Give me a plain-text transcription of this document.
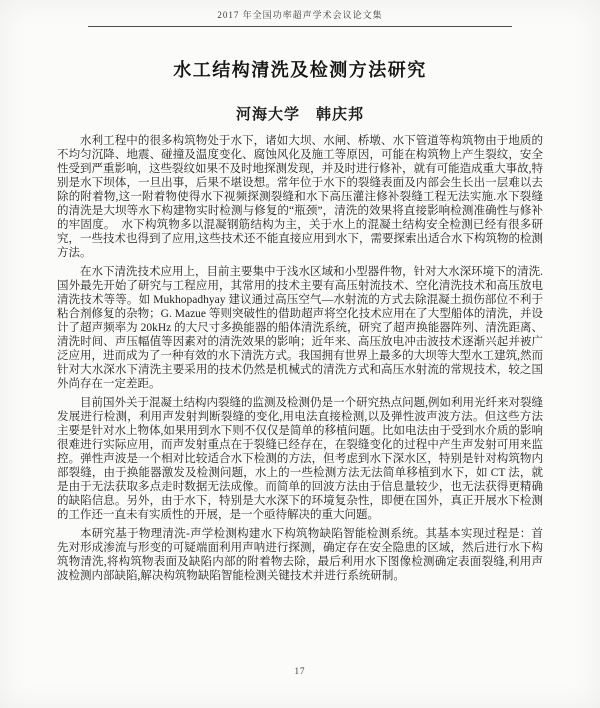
2017 年全国功率超声学术会议论文集
水工结构清洗及检测方法研究
河海大学　韩庆邦

水利工程中的很多构筑物处于水下，诸如大坝、水闸、桥墩、水下管道等构筑物由于地质的不均匀沉降、地震、碰撞及温度变化、腐蚀风化及施工等原因，可能在构筑物上产生裂纹，安全性受到严重影响，这些裂纹如果不及时地探测发现，并及时进行修补，就有可能造成重大事故,特别是水下坝体，一旦出事，后果不堪设想。常年位于水下的裂缝表面及内部会生长出一层难以去除的附着物,这一附着物使得水下视频探测裂缝和水下高压灌注修补裂缝工程无法实施.水下裂缝的清洗是大坝等水下构建物实时检测与修复的“瓶颈”，清洗的效果将直接影响检测准确性与修补的牢固度。　水下构筑物多以混凝钢筋结构为主，关于水上的混凝土结构安全检测已经有很多研究，一些技术也得到了应用,这些技术还不能直接应用到水下，需要探索出适合水下构筑物的检测方法。

在水下清洗技术应用上，目前主要集中于浅水区域和小型器件物，针对大水深环境下的清洗.国外最先开始了研究与工程应用，其常用的技术主要有高压射流技术、空化清洗技术和高压放电清洗技术等等。如 Mukhopadhyay 建议通过高压空气—水射流的方式去除混凝土损伤部位不利于粘合剂修复的杂物；G. Mazue 等则突破性的借助超声将空化技术应用在了大型船体的清洗，并设计了超声频率为 20kHz 的大尺寸多换能器的船体清洗系统，研究了超声换能器阵列、清洗距离、清洗时间、声压幅值等因素对的清洗效果的影响；近年来、高压放电冲击波技术逐渐兴起并被广泛应用，进而成为了一种有效的水下清洗方式。我国拥有世界上最多的大坝等大型水工建筑,然而针对大水深水下清洗主要采用的技术仍然是机械式的清洗方式和高压水射流的常规技术，较之国外尚存在一定差距。

目前国外关于混凝土结构内裂缝的监测及检测仍是一个研究热点问题,例如利用光纤来对裂缝发展进行检测，利用声发射判断裂缝的变化,用电法直接检测,以及弹性波声波方法。但这些方法主要是针对水上物体,如果用到水下则不仅仅是简单的移植问题。比如电法由于受到水介质的影响很难进行实际应用，而声发射重点在于裂缝已经存在，在裂缝变化的过程中产生声发射可用来监控。弹性声波是一个相对比较适合水下检测的方法，但考虑到水下深水区，特别是针对构筑物内部裂缝，由于换能器激发及检测问题，水上的一些检测方法无法简单移植到水下，如 CT 法，就是由于无法获取多点走时数据无法成像。而简单的回波方法由于信息量较少，也无法获得更精确的缺陷信息。另外，由于水下，特别是大水深下的环境复杂性，即便在国外，真正开展水下检测的工作还一直未有实质性的开展，是一个亟待解决的重大问题。

本研究基于物理清洗-声学检测构建水下构筑物缺陷智能检测系统。其基本实现过程是：首先对形成渗流与形变的可疑端面利用声呐进行探测，确定存在安全隐患的区域，然后进行水下构筑物清洗,将构筑物表面及缺陷内部的附着物去除，最后利用水下图像检测确定表面裂缝,利用声波检测内部缺陷,解决构筑物缺陷智能检测关键技术并进行系统研制。

17
